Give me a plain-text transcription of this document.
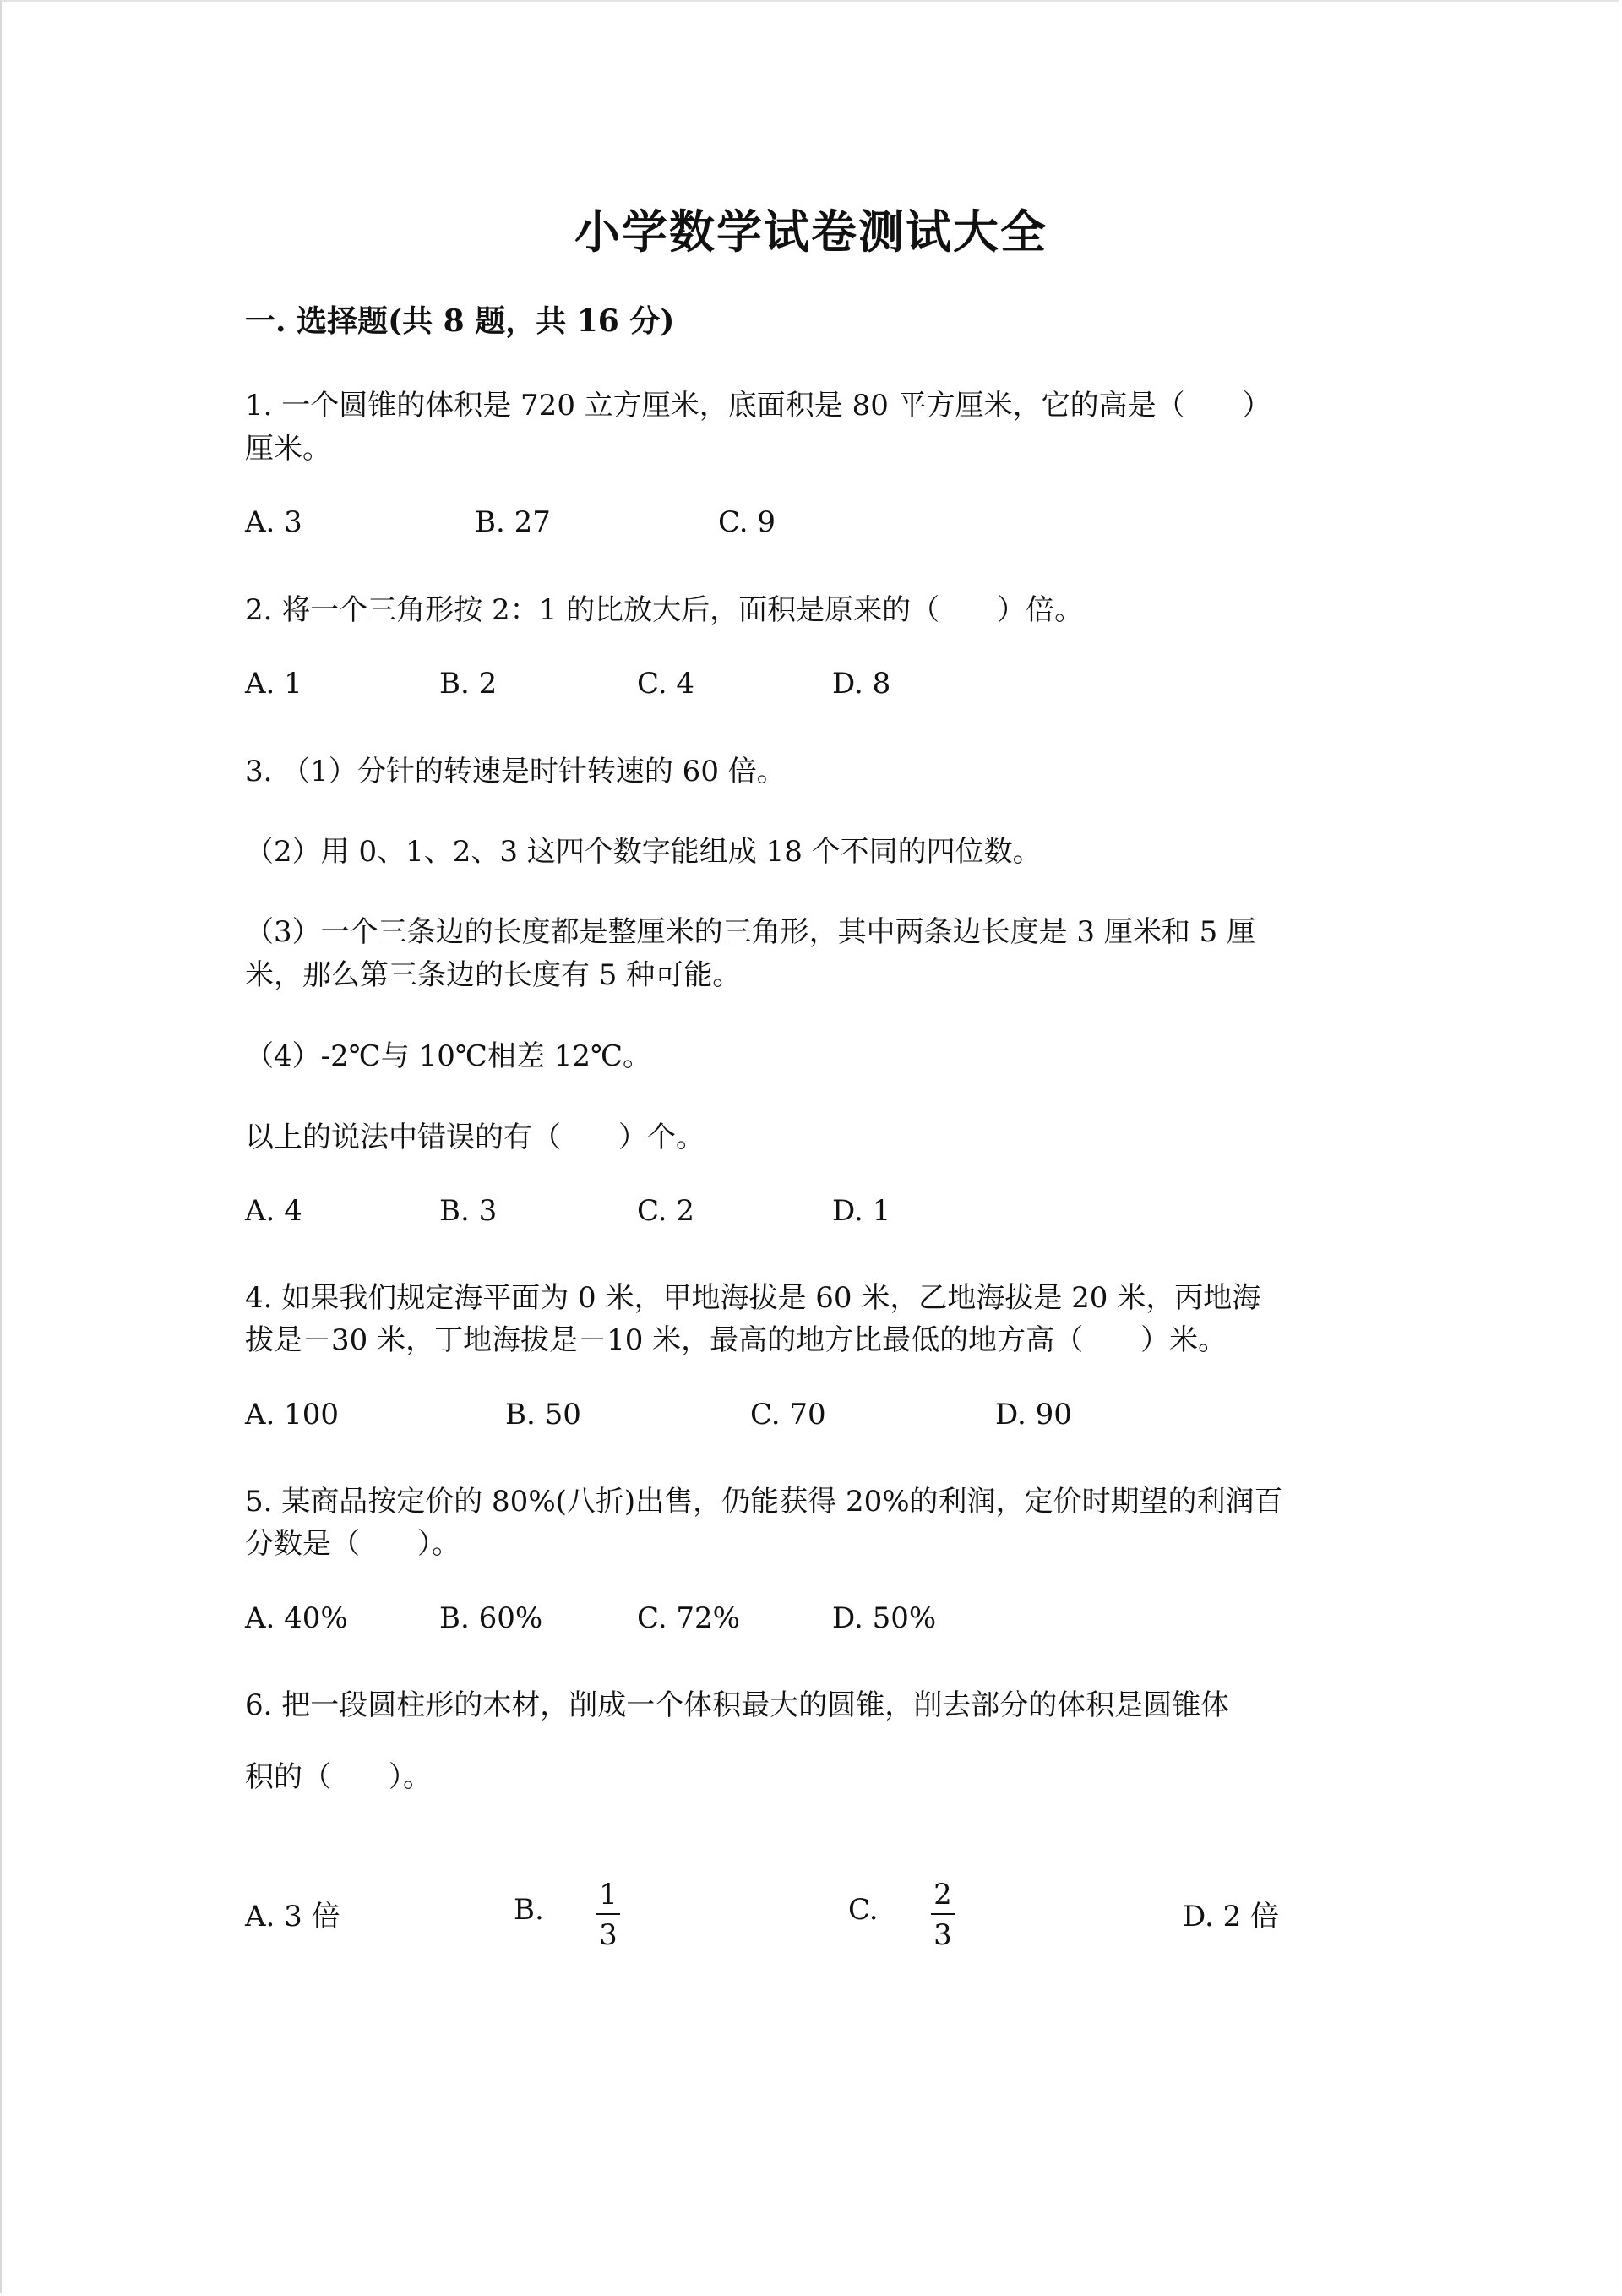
小学数学试卷测试大全
一. 选择题(共 8 题，共 16 分)
1. 一个圆锥的体积是 720 立方厘米，底面积是 80 平方厘米，它的高是（　　）
厘米。
A. 3	B. 27	C. 9
2. 将一个三角形按 2：1 的比放大后，面积是原来的（　　）倍。
A. 1	B. 2	C. 4	D. 8
3. （1）分针的转速是时针转速的 60 倍。
（2）用 0、1、2、3 这四个数字能组成 18 个不同的四位数。
（3）一个三条边的长度都是整厘米的三角形，其中两条边长度是 3 厘米和 5 厘
米，那么第三条边的长度有 5 种可能。
（4）-2℃与 10℃相差 12℃。
以上的说法中错误的有（　　）个。
A. 4	B. 3	C. 2	D. 1
4. 如果我们规定海平面为 0 米，甲地海拔是 60 米，乙地海拔是 20 米，丙地海
拔是－30 米，丁地海拔是－10 米，最高的地方比最低的地方高（　　）米。
A. 100	B. 50	C. 70	D. 90
5. 某商品按定价的 80%(八折)出售，仍能获得 20%的利润，定价时期望的利润百
分数是（　　）。
A. 40%	B. 60%	C. 72%	D. 50%
6. 把一段圆柱形的木材，削成一个体积最大的圆锥，削去部分的体积是圆锥体
积的（　　）。
A. 3 倍	B. 1
3
C. 2
3
D. 2 倍
